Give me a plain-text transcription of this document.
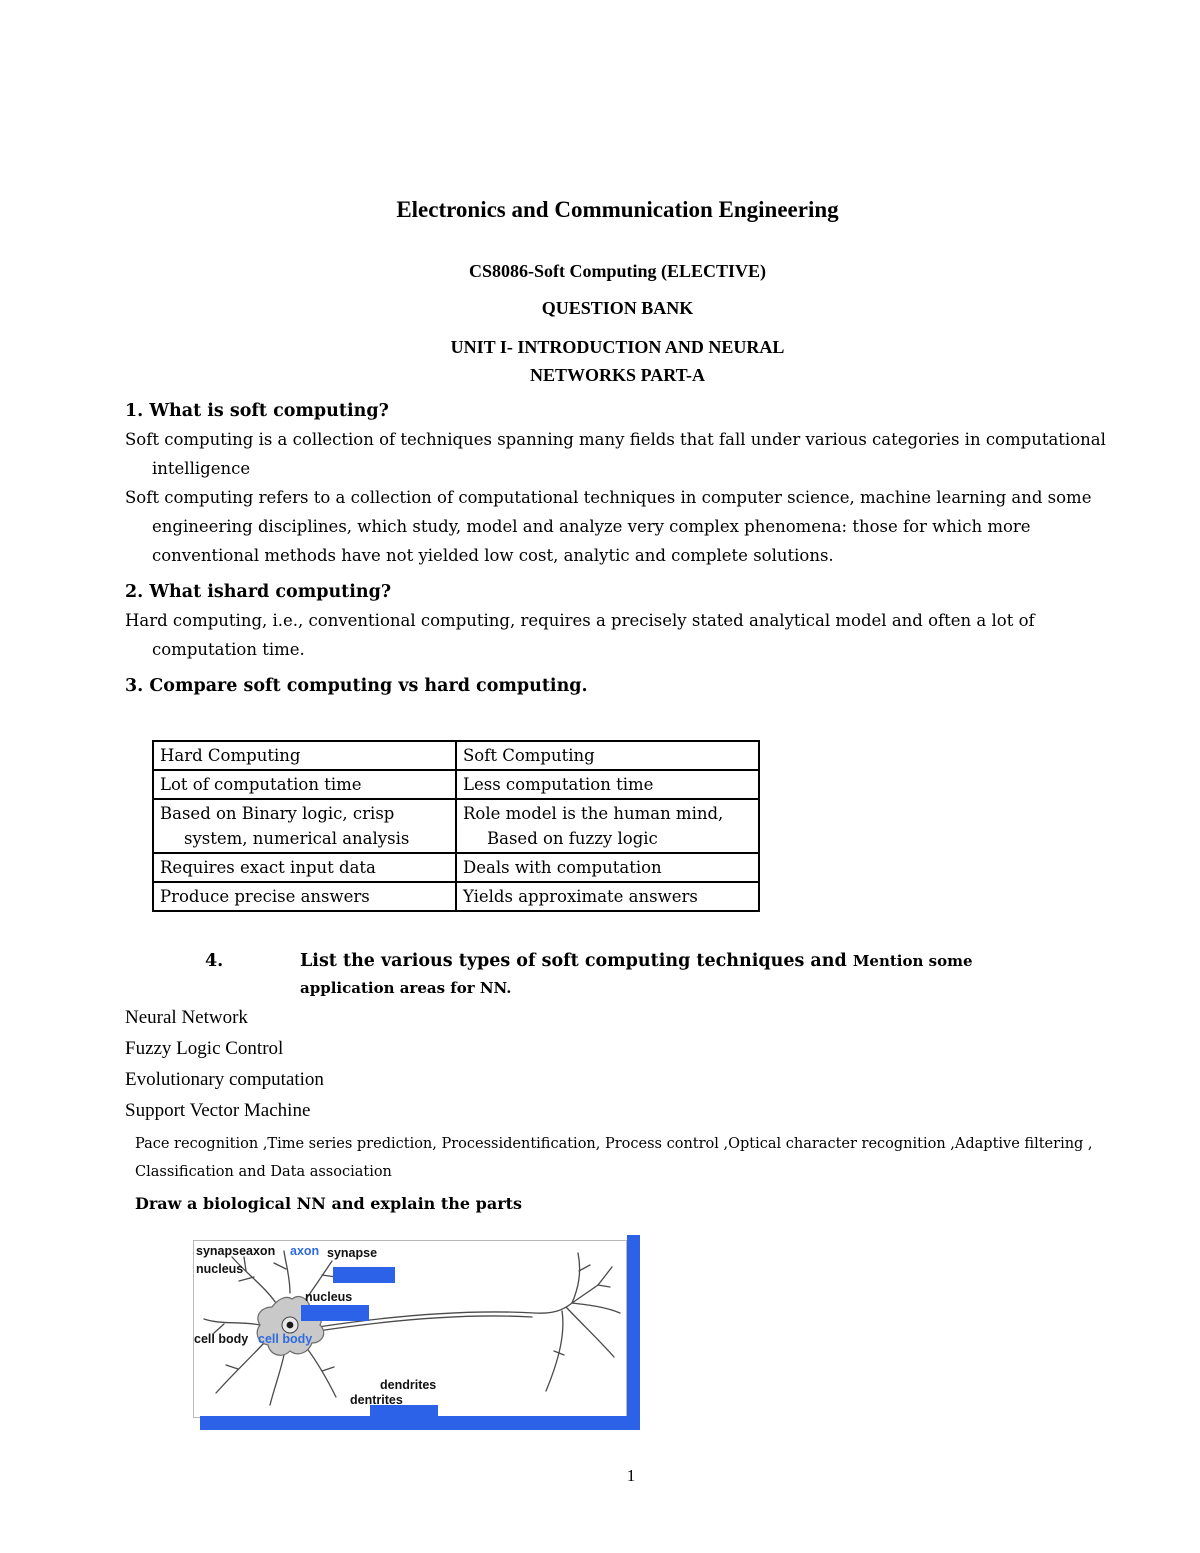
Electronics and Communication Engineering

CS8086-Soft Computing (ELECTIVE)

QUESTION BANK

UNIT I- INTRODUCTION AND NEURAL
NETWORKS PART-A

1. What is soft computing?

Soft computing is a collection of techniques spanning many fields that fall under various categories in computational intelligence

Soft computing refers to a collection of computational techniques in computer science, machine learning and some engineering disciplines, which study, model and analyze very complex phenomena: those for which more conventional methods have not yielded low cost, analytic and complete solutions.

2. What ishard computing?

Hard computing, i.e., conventional computing, requires a precisely stated analytical model and often a lot of computation time.

3. Compare soft computing vs hard computing.
Hard Computing	Soft Computing

Lot of computation time	Less computation time

Based on Binary logic, crisp system, numerical analysis	Role model is the human mind, Based on fuzzy logic

Requires exact input data	Deals with computation

Produce precise answers	Yields approximate answers
4.	List the various types of soft computing techniques and Mention some application areas for NN.

Neural Network

Fuzzy Logic Control

Evolutionary computation

Support Vector Machine

Pace recognition ,Time series prediction, Processidentification, Process control ,Optical character recognition ,Adaptive filtering , Classification and Data association

Draw a biological NN and explain the parts

synapseaxon axon synapse
nucleus
nucleus
cell body cell body
dendrites
dentrites
1
